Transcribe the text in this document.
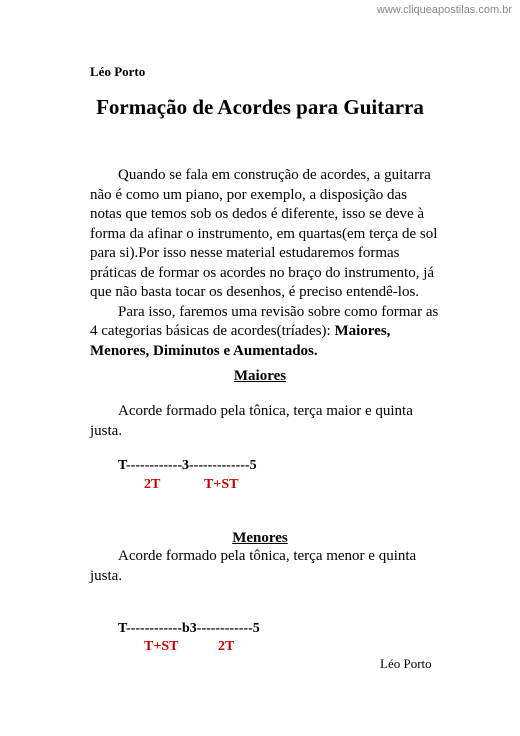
www.cliqueapostilas.com.br
Léo Porto
Formação de Acordes para Guitarra

Quando se fala em construção de acordes, a guitarra não é como um piano, por exemplo, a disposição das notas que temos sob os dedos é diferente, isso se deve à forma da afinar o instrumento, em quartas(em terça de sol para si).Por isso nesse material estudaremos formas práticas de formar os acordes no braço do instrumento, já que não basta tocar os desenhos, é preciso entendê-los.

Para isso, faremos uma revisão sobre como formar as 4 categorias básicas de acordes(tríades): Maiores, Menores, Diminutos e Aumentados.

Maiores

Acorde formado pela tônica, terça maior e quinta justa.

T------------3-------------5
2T	T+ST
Menores

Acorde formado pela tônica, terça menor e quinta justa.

T------------b3------------5
T+ST	2T
Léo Porto
